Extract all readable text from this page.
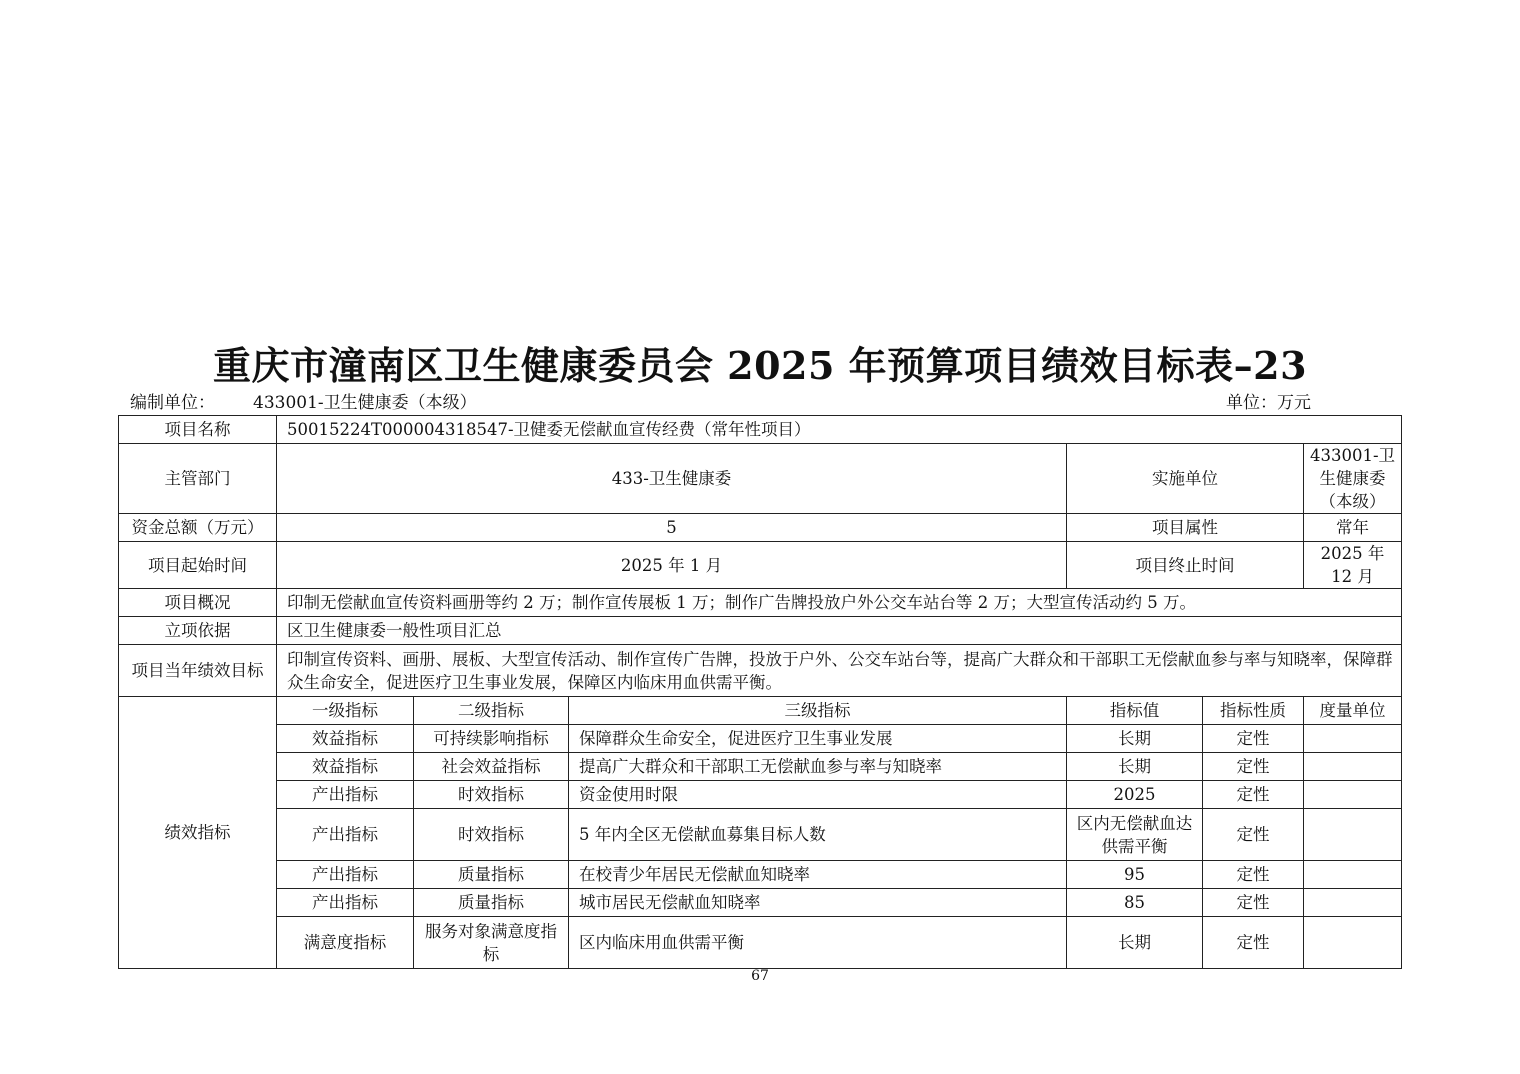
重庆市潼南区卫生健康委员会 2025 年预算项目绩效目标表–23
编制单位： 433001-卫生健康委（本级）	单位：万元
项目名称	50015224T000004318547-卫健委无偿献血宣传经费（常年性项目）					
主管部门	433-卫生健康委			实施单位		433001-卫生健康委（本级）
资金总额（万元）	5			项目属性		常年
项目起始时间	2025 年 1 月			项目终止时间		2025 年 12 月
项目概况	印制无偿献血宣传资料画册等约 2 万；制作宣传展板 1 万；制作广告牌投放户外公交车站台等 2 万；大型宣传活动约 5 万。					
立项依据	区卫生健康委一般性项目汇总					
项目当年绩效目标	印制宣传资料、画册、展板、大型宣传活动、制作宣传广告牌，投放于户外、公交车站台等，提高广大群众和干部职工无偿献血参与率与知晓率，保障群众生命安全，促进医疗卫生事业发展，保障区内临床用血供需平衡。					
绩效指标	一级指标	二级指标	三级指标	指标值	指标性质	度量单位
	效益指标	可持续影响指标	保障群众生命安全，促进医疗卫生事业发展	长期	定性	
	效益指标	社会效益指标	提高广大群众和干部职工无偿献血参与率与知晓率	长期	定性	
	产出指标	时效指标	资金使用时限	2025	定性	
	产出指标	时效指标	5 年内全区无偿献血募集目标人数	区内无偿献血达供需平衡	定性	
	产出指标	质量指标	在校青少年居民无偿献血知晓率	95	定性	
	产出指标	质量指标	城市居民无偿献血知晓率	85	定性	
	满意度指标	服务对象满意度指标	区内临床用血供需平衡	长期	定性	
67
